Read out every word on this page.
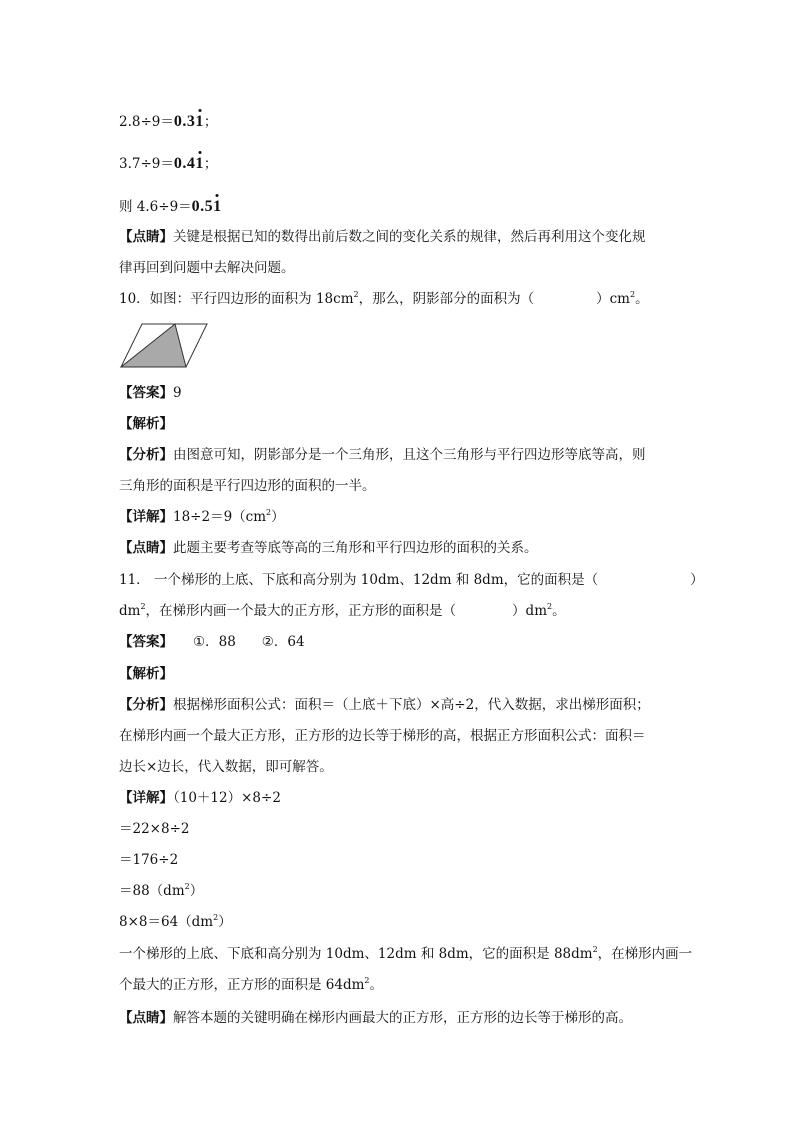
2.8÷9＝0.31；
3.7÷9＝0.41；
则 4.6÷9＝0.51
【点睛】关键是根据已知的数得出前后数之间的变化关系的规律，然后再利用这个变化规
律再回到问题中去解决问题。
10．如图：平行四边形的面积为 $18cm^2$，那么，阴影部分的面积为（	）$cm^2$。
【答案】9
【解析】
【分析】由图意可知，阴影部分是一个三角形，且这个三角形与平行四边形等底等高，则
三角形的面积是平行四边形的面积的一半。
【详解】$18\div 2=9(cm^2)$
【点睛】此题主要考查等底等高的三角形和平行四边形的面积的关系。
11． 一个梯形的上底、下底和高分别为 10dm、12dm 和 8dm，它的面积是（	）
$dm^2$，在梯形内画一个最大的正方形，正方形的面积是（	）$dm^2$。
【答案】 ①．88 ②．64
【解析】
【分析】根据梯形面积公式：面积＝（上底＋下底）×高÷2，代入数据，求出梯形面积；
在梯形内画一个最大正方形，正方形的边长等于梯形的高，根据正方形面积公式：面积＝
边长×边长，代入数据，即可解答。
【详解】（10＋12）×8÷2
＝22×8÷2
＝176÷2
$=88(dm^2)$
$8\times 8=64(dm^2)$
一个梯形的上底、下底和高分别为 10dm、12dm 和 8dm，它的面积是 $88dm^2$，在梯形内画一
个最大的正方形，正方形的面积是 $64dm^2$。
【点睛】解答本题的关键明确在梯形内画最大的正方形，正方形的边长等于梯形的高。
